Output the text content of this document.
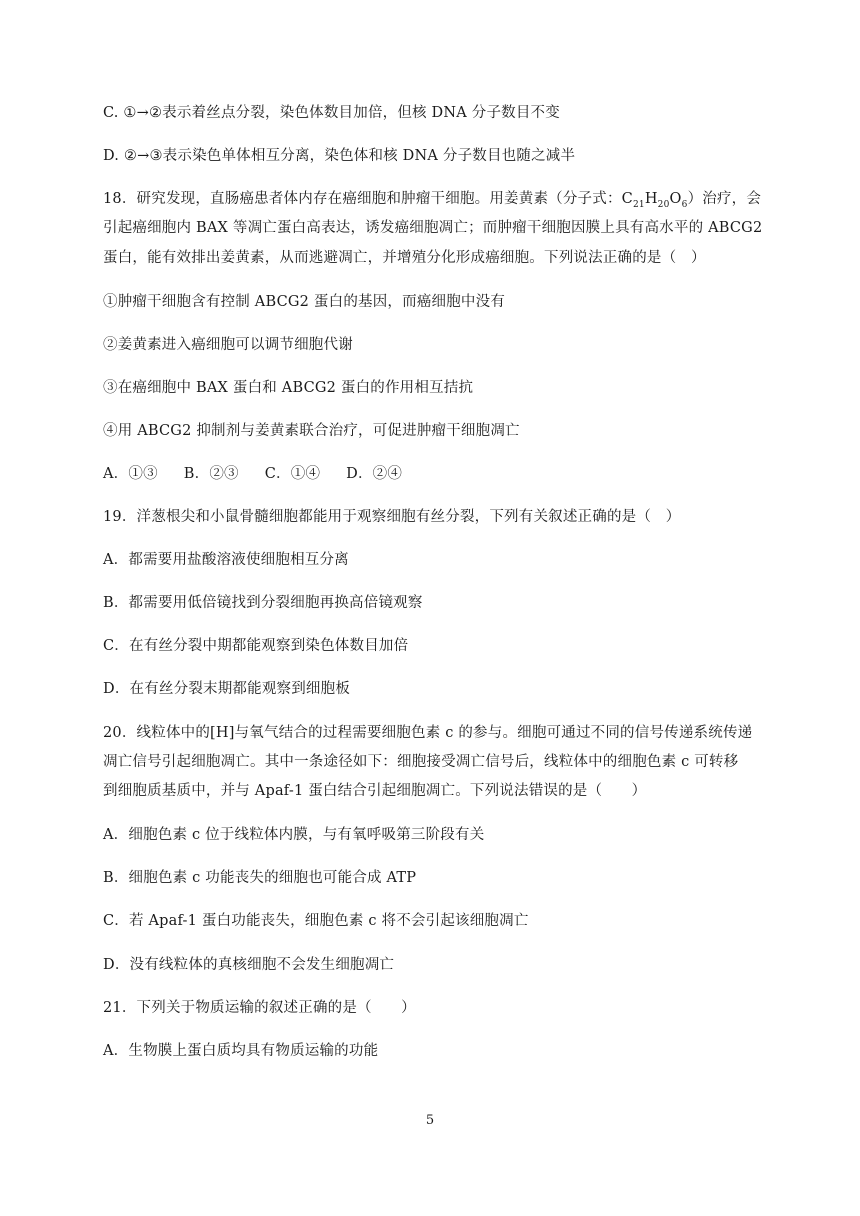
C. ①→②表示着丝点分裂，染色体数目加倍，但核 DNA 分子数目不变
D. ②→③表示染色单体相互分离，染色体和核 DNA 分子数目也随之减半
18．研究发现，直肠癌患者体内存在癌细胞和肿瘤干细胞。用姜黄素（分子式：$C_{21}H_{20}O_6$）治疗，会
引起癌细胞内 BAX 等凋亡蛋白高表达，诱发癌细胞凋亡；而肿瘤干细胞因膜上具有高水平的 ABCG2
蛋白，能有效排出姜黄素，从而逃避凋亡，并增殖分化形成癌细胞。下列说法正确的是（　）
①肿瘤干细胞含有控制 ABCG2 蛋白的基因，而癌细胞中没有
②姜黄素进入癌细胞可以调节细胞代谢
③在癌细胞中 BAX 蛋白和 ABCG2 蛋白的作用相互拮抗
④用 ABCG2 抑制剂与姜黄素联合治疗，可促进肿瘤干细胞凋亡
A．①③ B．②③ C．①④ D．②④
19．洋葱根尖和小鼠骨髓细胞都能用于观察细胞有丝分裂，下列有关叙述正确的是（　）
A．都需要用盐酸溶液使细胞相互分离
B．都需要用低倍镜找到分裂细胞再换高倍镜观察
C．在有丝分裂中期都能观察到染色体数目加倍
D．在有丝分裂末期都能观察到细胞板
20．线粒体中的[H]与氧气结合的过程需要细胞色素 c 的参与。细胞可通过不同的信号传递系统传递
凋亡信号引起细胞凋亡。其中一条途径如下：细胞接受凋亡信号后，线粒体中的细胞色素 c 可转移
到细胞质基质中，并与 Apaf-1 蛋白结合引起细胞凋亡。下列说法错误的是（　　）
A．细胞色素 c 位于线粒体内膜，与有氧呼吸第三阶段有关
B．细胞色素 c 功能丧失的细胞也可能合成 ATP
C．若 Apaf-1 蛋白功能丧失，细胞色素 c 将不会引起该细胞凋亡
D．没有线粒体的真核细胞不会发生细胞凋亡
21．下列关于物质运输的叙述正确的是（　　）
A．生物膜上蛋白质均具有物质运输的功能
5
